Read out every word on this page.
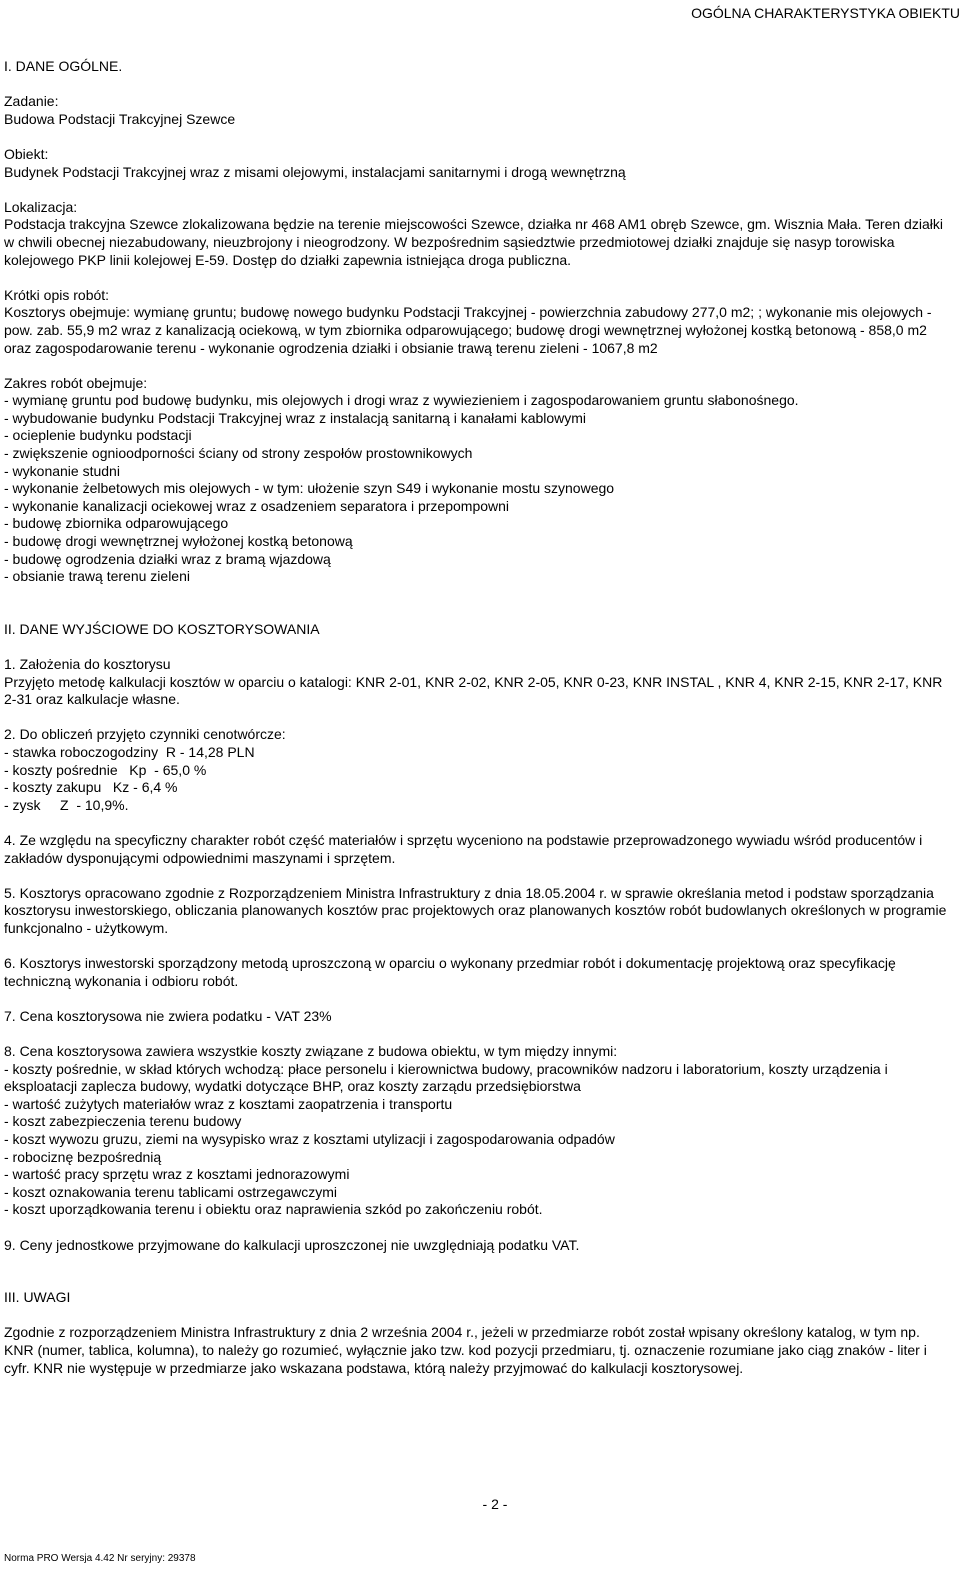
OGÓLNA CHARAKTERYSTYKA OBIEKTU

I. DANE OGÓLNE.

Zadanie:

Budowa Podstacji Trakcyjnej Szewce

Obiekt:

Budynek Podstacji Trakcyjnej wraz z misami olejowymi, instalacjami sanitarnymi i drogą wewnętrzną

Lokalizacja:

Podstacja trakcyjna Szewce zlokalizowana będzie na terenie miejscowości Szewce, działka nr 468 AM1 obręb Szewce, gm. Wisznia Mała. Teren działki w chwili obecnej niezabudowany, nieuzbrojony i nieogrodzony. W bezpośrednim sąsiedztwie przedmiotowej działki znajduje się nasyp torowiska kolejowego PKP linii kolejowej E-59. Dostęp do działki zapewnia istniejąca droga publiczna.

Krótki opis robót:

Kosztorys obejmuje: wymianę gruntu; budowę nowego budynku Podstacji Trakcyjnej - powierzchnia zabudowy 277,0 m2; ; wykonanie mis olejowych - pow. zab. 55,9 m2 wraz z kanalizacją ociekową, w tym zbiornika odparowującego; budowę drogi wewnętrznej wyłożonej kostką betonową - 858,0 m2 oraz zagospodarowanie terenu - wykonanie ogrodzenia działki i obsianie trawą terenu zieleni - 1067,8 m2

Zakres robót obejmuje:

- wymianę gruntu pod budowę budynku, mis olejowych i drogi wraz z wywiezieniem i zagospodarowaniem gruntu słabonośnego.

- wybudowanie budynku Podstacji Trakcyjnej wraz z instalacją sanitarną i kanałami kablowymi

- ocieplenie budynku podstacji

- zwiększenie ognioodporności ściany od strony zespołów prostownikowych

- wykonanie studni

- wykonanie żelbetowych mis olejowych - w tym: ułożenie szyn S49 i wykonanie mostu szynowego

- wykonanie kanalizacji ociekowej wraz z osadzeniem separatora i przepompowni

- budowę zbiornika odparowującego

- budowę drogi wewnętrznej wyłożonej kostką betonową

- budowę ogrodzenia działki wraz z bramą wjazdową

- obsianie trawą terenu zieleni

II. DANE WYJŚCIOWE DO KOSZTORYSOWANIA

1. Założenia do kosztorysu

Przyjęto metodę kalkulacji kosztów w oparciu o katalogi: KNR 2-01, KNR 2-02, KNR 2-05, KNR 0-23, KNR INSTAL , KNR 4, KNR 2-15, KNR 2-17, KNR 2-31 oraz kalkulacje własne.

2. Do obliczeń przyjęto czynniki cenotwórcze:

- stawka roboczogodziny  R - 14,28 PLN

- koszty pośrednie   Kp  - 65,0 %

- koszty zakupu   Kz - 6,4 %

- zysk     Z  - 10,9%.

4. Ze względu na specyficzny charakter robót część materiałów i sprzętu wyceniono na podstawie przeprowadzonego wywiadu wśród producentów i zakładów dysponującymi odpowiednimi maszynami i sprzętem.

5. Kosztorys opracowano zgodnie z Rozporządzeniem Ministra Infrastruktury z dnia 18.05.2004 r. w sprawie określania metod i podstaw sporządzania kosztorysu inwestorskiego, obliczania planowanych kosztów prac projektowych oraz planowanych kosztów robót budowlanych określonych w programie funkcjonalno - użytkowym.

6. Kosztorys inwestorski sporządzony metodą uproszczoną w oparciu o wykonany przedmiar robót i dokumentację projektową oraz specyfikację techniczną wykonania i odbioru robót.

7. Cena kosztorysowa nie zwiera podatku - VAT 23%

8. Cena kosztorysowa zawiera wszystkie koszty związane z budowa obiektu, w tym między innymi:

- koszty pośrednie, w skład których wchodzą: płace personelu i kierownictwa budowy, pracowników nadzoru i laboratorium, koszty urządzenia i eksploatacji zaplecza budowy, wydatki dotyczące BHP, oraz koszty zarządu przedsiębiorstwa

- wartość zużytych materiałów wraz z kosztami zaopatrzenia i transportu

- koszt zabezpieczenia terenu budowy

- koszt wywozu gruzu, ziemi na wysypisko wraz z kosztami utylizacji i zagospodarowania odpadów

- robociznę bezpośrednią

- wartość pracy sprzętu wraz z kosztami jednorazowymi

- koszt oznakowania terenu tablicami ostrzegawczymi

- koszt uporządkowania terenu i obiektu oraz naprawienia szkód po zakończeniu robót.

9. Ceny jednostkowe przyjmowane do kalkulacji uproszczonej nie uwzględniają podatku VAT.

III. UWAGI

Zgodnie z rozporządzeniem Ministra Infrastruktury z dnia 2 września 2004 r., jeżeli w przedmiarze robót został wpisany określony katalog, w tym np. KNR (numer, tablica, kolumna), to należy go rozumieć, wyłącznie jako tzw. kod pozycji przedmiaru, tj. oznaczenie rozumiane jako ciąg znaków - liter i cyfr. KNR nie występuje w przedmiarze jako wskazana podstawa, którą należy przyjmować do kalkulacji kosztorysowej.

- 2 -
Norma PRO Wersja 4.42 Nr seryjny: 29378
